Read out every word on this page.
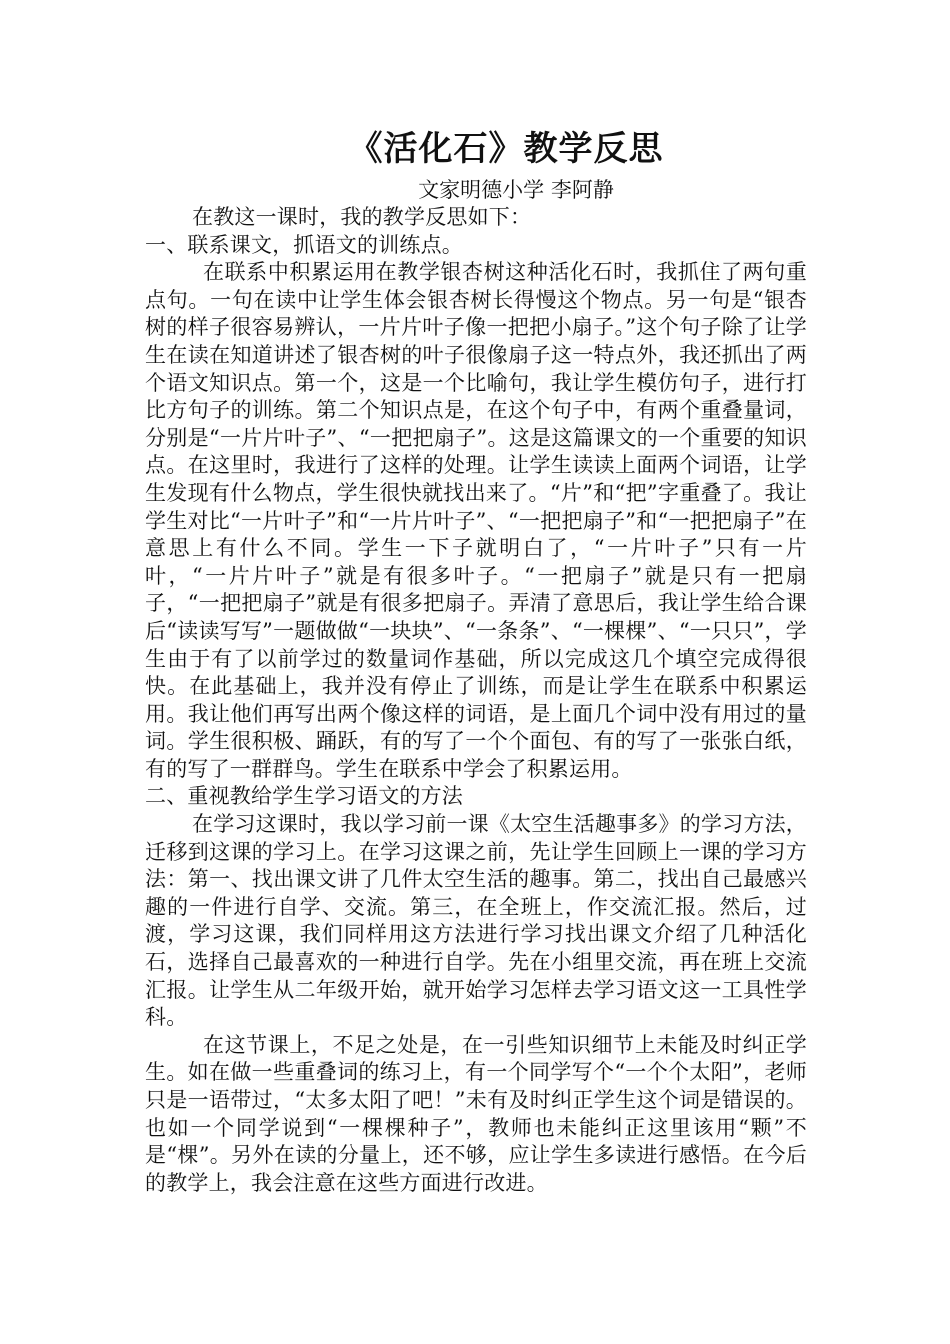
《活化石》教学反思
文家明德小学 李阿静

在教这一课时，我的教学反思如下：

一、联系课文，抓语文的训练点。

在联系中积累运用在教学银杏树这种活化石时，我抓住了两句重点句。一句在读中让学生体会银杏树长得慢这个物点。另一句是“银杏树的样子很容易辨认，一片片叶子像一把把小扇子。”这个句子除了让学生在读在知道讲述了银杏树的叶子很像扇子这一特点外，我还抓出了两个语文知识点。第一个，这是一个比喻句，我让学生模仿句子，进行打比方句子的训练。第二个知识点是，在这个句子中，有两个重叠量词，分别是“一片片叶子”、“一把把扇子”。这是这篇课文的一个重要的知识点。在这里时，我进行了这样的处理。让学生读读上面两个词语，让学生发现有什么物点，学生很快就找出来了。“片”和“把”字重叠了。我让学生对比“一片叶子”和“一片片叶子”、“一把把扇子”和“一把把扇子”在意思上有什么不同。学生一下子就明白了，“一片叶子”只有一片叶，“一片片叶子”就是有很多叶子。“一把扇子”就是只有一把扇子，“一把把扇子”就是有很多把扇子。弄清了意思后，我让学生给合课后“读读写写”一题做做“一块块”、“一条条”、“一棵棵”、“一只只”，学生由于有了以前学过的数量词作基础，所以完成这几个填空完成得很快。在此基础上，我并没有停止了训练，而是让学生在联系中积累运用。我让他们再写出两个像这样的词语，是上面几个词中没有用过的量词。学生很积极、踊跃，有的写了一个个面包、有的写了一张张白纸，有的写了一群群鸟。学生在联系中学会了积累运用。

二、重视教给学生学习语文的方法

在学习这课时，我以学习前一课《太空生活趣事多》的学习方法，迁移到这课的学习上。在学习这课之前，先让学生回顾上一课的学习方法：第一、找出课文讲了几件太空生活的趣事。第二，找出自己最感兴趣的一件进行自学、交流。第三，在全班上，作交流汇报。然后，过渡，学习这课，我们同样用这方法进行学习找出课文介绍了几种活化石，选择自己最喜欢的一种进行自学。先在小组里交流，再在班上交流汇报。让学生从二年级开始，就开始学习怎样去学习语文这一工具性学科。

在这节课上，不足之处是，在一引些知识细节上未能及时纠正学生。如在做一些重叠词的练习上，有一个同学写个“一个个太阳”，老师只是一语带过，“太多太阳了吧！”未有及时纠正学生这个词是错误的。也如一个同学说到“一棵棵种子”，教师也未能纠正这里该用“颗”不是“棵”。另外在读的分量上，还不够，应让学生多读进行感悟。在今后的教学上，我会注意在这些方面进行改进。
